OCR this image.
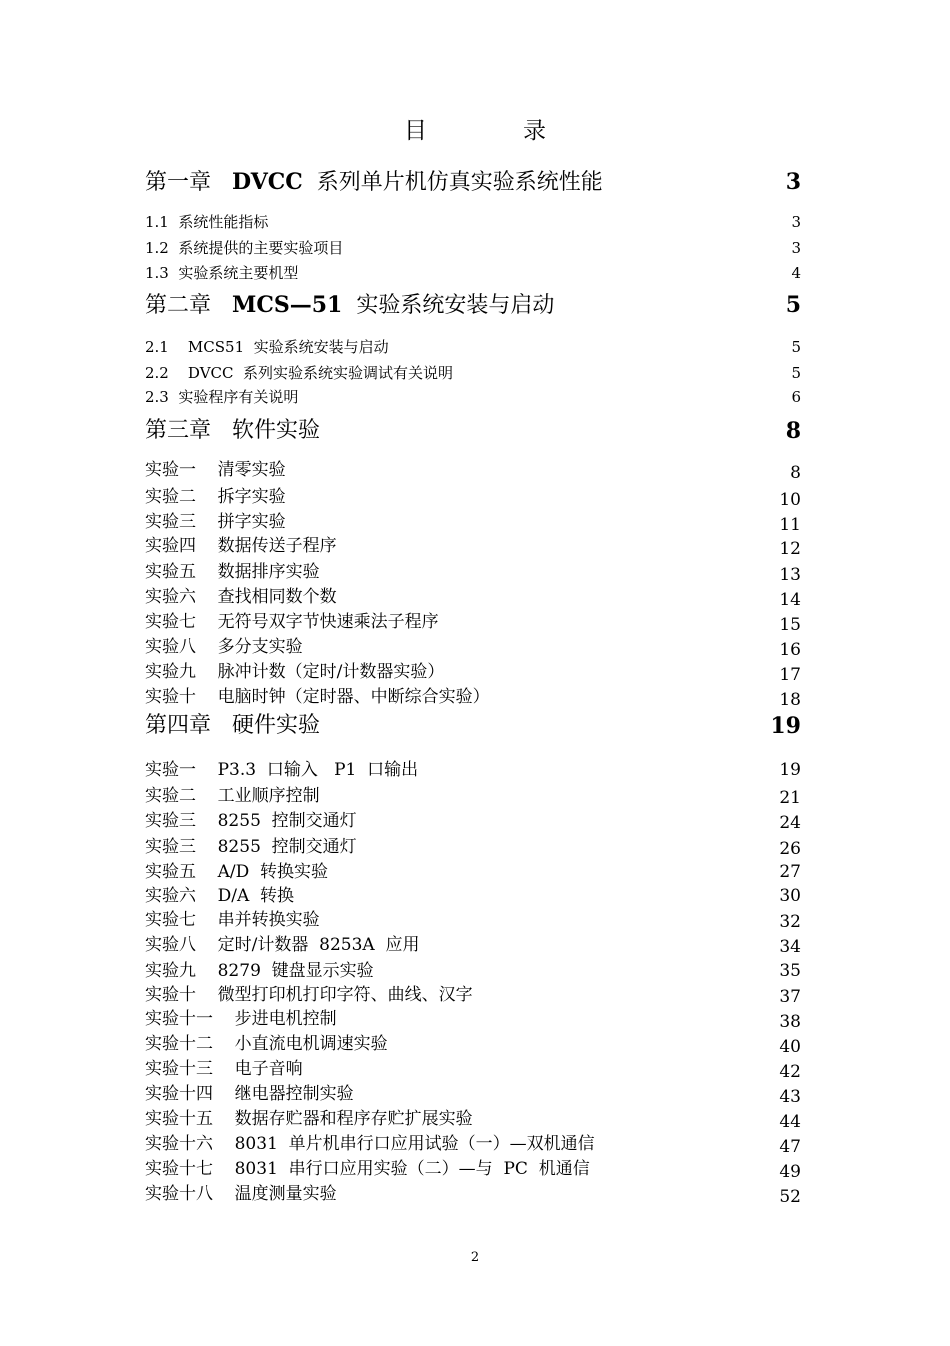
目	录
第一章 DVCC 系列单片机仿真实验系统性能	3
1.1  系统性能指标	3
1.2  系统提供的主要实验项目	3
1.3  实验系统主要机型	4
第二章 MCS—51 实验系统安装与启动	5
2.1    MCS51  实验系统安装与启动	5
2.2    DVCC  系列实验系统实验调试有关说明	5
2.3  实验程序有关说明	6
第三章 软件实验	8
实验一    清零实验	8
实验二    拆字实验	10
实验三    拼字实验	11
实验四    数据传送子程序	12
实验五    数据排序实验	13
实验六    查找相同数个数	14
实验七    无符号双字节快速乘法子程序	15
实验八    多分支实验	16
实验九    脉冲计数（定时/计数器实验）	17
实验十    电脑时钟（定时器、中断综合实验）	18
第四章 硬件实验	19
实验一    P3.3  口输入   P1  口输出	19
实验二    工业顺序控制	21
实验三    8255  控制交通灯	24
实验三    8255  控制交通灯	26
实验五    A/D  转换实验	27
实验六    D/A  转换	30
实验七    串并转换实验	32
实验八    定时/计数器  8253A  应用	34
实验九    8279  键盘显示实验	35
实验十    微型打印机打印字符、曲线、汉字	37
实验十一    步进电机控制	38
实验十二    小直流电机调速实验	40
实验十三    电子音响	42
实验十四    继电器控制实验	43
实验十五    数据存贮器和程序存贮扩展实验	44
实验十六    8031  单片机串行口应用试验（一）—双机通信	47
实验十七    8031  串行口应用实验（二）—与  PC  机通信	49
实验十八    温度测量实验	52
2
